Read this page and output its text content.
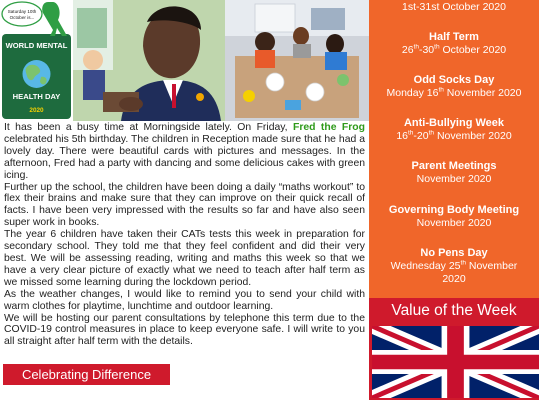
Saturday 10th
October is...
WORLD MENTAL
HEALTH DAY
2020

It has been a busy time at Morningside lately. On Friday, Fred the Frog celebrated his 5th birthday. The children in Reception made sure that he had a lovely day. There were beautiful cards with pictures and messages. In the afternoon, Fred had a party with dancing and some delicious cakes with green icing.

Further up the school, the children have been doing a daily “maths workout” to flex their brains and make sure that they can improve on their quick recall of facts. I have been very impressed with the results so far and have also seen super work in books.

The year 6 children have taken their CATs tests this week in preparation for secondary school. They told me that they feel confident and did their very best. We will be assessing reading, writing and maths this week so that we have a very clear picture of exactly what we need to teach after half term as we missed some learning during the lockdown period.

As the weather changes, I would like to remind you to send your child with warm clothes for playtime, lunchtime and outdoor learning.

We will be hosting our parent consultations by telephone this term due to the COVID-19 control measures in place to keep everyone safe. I will write to you all straight after half term with the details.

1st-31st October 2020
Half Term
26th-30th October 2020
Odd Socks Day
Monday 16th November 2020
Anti-Bullying Week
16th-20th November 2020
Parent Meetings
November 2020
Governing Body Meeting
November 2020
No Pens Day
Wednesday 25th November
2020
Value of the Week
Celebrating Difference
